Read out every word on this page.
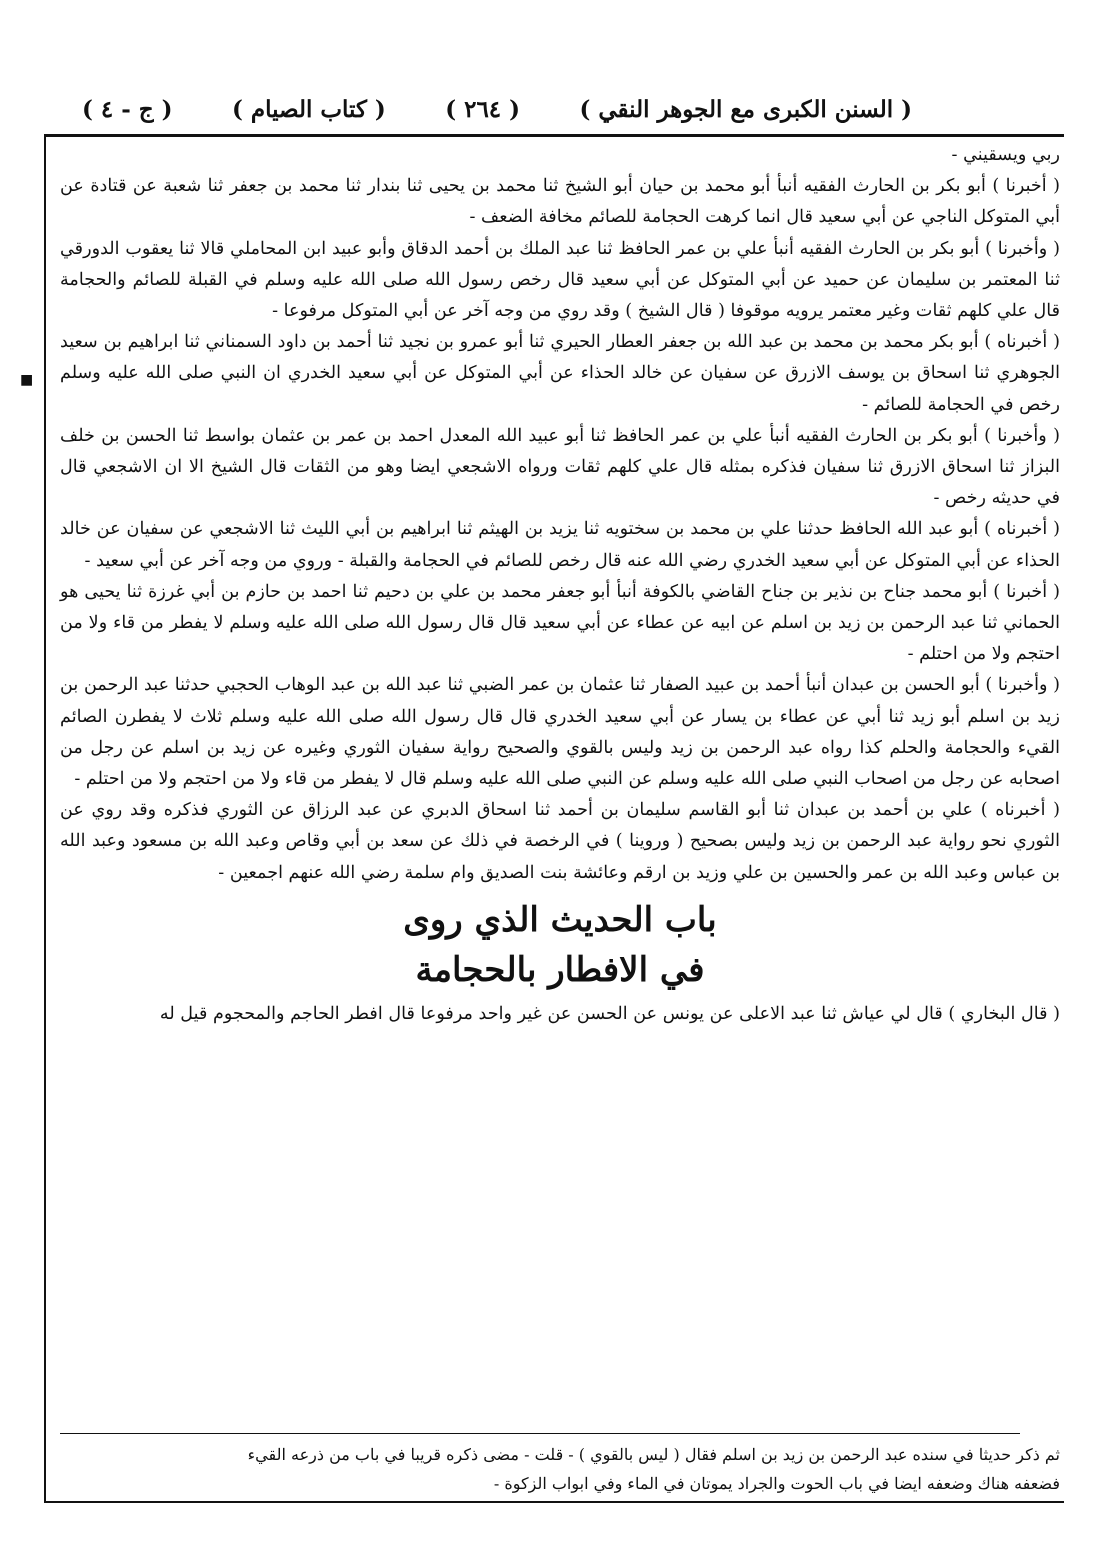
( السنن الكبرى مع الجوهر النقي )
( ٢٦٤ )
( كتاب الصيام )
( ج - ٤ )
■

ربي ويسقيني -

( أخبرنا ) أبو بكر بن الحارث الفقيه أنبأ أبو محمد بن حيان أبو الشيخ ثنا محمد بن يحيى ثنا بندار ثنا محمد بن جعفر ثنا شعبة عن قتادة عن أبي المتوكل الناجي عن أبي سعيد قال انما كرهت الحجامة للصائم مخافة الضعف -

( وأخبرنا ) أبو بكر بن الحارث الفقيه أنبأ علي بن عمر الحافظ ثنا عبد الملك بن أحمد الدقاق وأبو عبيد ابن المحاملي قالا ثنا يعقوب الدورقي ثنا المعتمر بن سليمان عن حميد عن أبي المتوكل عن أبي سعيد قال رخص رسول الله صلى الله عليه وسلم في القبلة للصائم والحجامة قال علي كلهم ثقات وغير معتمر يرويه موقوفا ( قال الشيخ ) وقد روي من وجه آخر عن أبي المتوكل مرفوعا -

( أخبرناه ) أبو بكر محمد بن محمد بن عبد الله بن جعفر العطار الحيري ثنا أبو عمرو بن نجيد ثنا أحمد بن داود السمناني ثنا ابراهيم بن سعيد الجوهري ثنا اسحاق بن يوسف الازرق عن سفيان عن خالد الحذاء عن أبي المتوكل عن أبي سعيد الخدري ان النبي صلى الله عليه وسلم رخص في الحجامة للصائم -

( وأخبرنا ) أبو بكر بن الحارث الفقيه أنبأ علي بن عمر الحافظ ثنا أبو عبيد الله المعدل احمد بن عمر بن عثمان بواسط ثنا الحسن بن خلف البزاز ثنا اسحاق الازرق ثنا سفيان فذكره بمثله قال علي كلهم ثقات ورواه الاشجعي ايضا وهو من الثقات قال الشيخ الا ان الاشجعي قال في حديثه رخص -

( أخبرناه ) أبو عبد الله الحافظ حدثنا علي بن محمد بن سختويه ثنا يزيد بن الهيثم ثنا ابراهيم بن أبي الليث ثنا الاشجعي عن سفيان عن خالد الحذاء عن أبي المتوكل عن أبي سعيد الخدري رضي الله عنه قال رخص للصائم في الحجامة والقبلة - وروي من وجه آخر عن أبي سعيد -

( أخبرنا ) أبو محمد جناح بن نذير بن جناح القاضي بالكوفة أنبأ أبو جعفر محمد بن علي بن دحيم ثنا احمد بن حازم بن أبي غرزة ثنا يحيى هو الحماني ثنا عبد الرحمن بن زيد بن اسلم عن ابيه عن عطاء عن أبي سعيد قال قال رسول الله صلى الله عليه وسلم لا يفطر من قاء ولا من احتجم ولا من احتلم -

( وأخبرنا ) أبو الحسن بن عبدان أنبأ أحمد بن عبيد الصفار ثنا عثمان بن عمر الضبي ثنا عبد الله بن عبد الوهاب الحجبي حدثنا عبد الرحمن بن زيد بن اسلم أبو زيد ثنا أبي عن عطاء بن يسار عن أبي سعيد الخدري قال قال رسول الله صلى الله عليه وسلم ثلاث لا يفطرن الصائم القيء والحجامة والحلم كذا رواه عبد الرحمن بن زيد وليس بالقوي والصحيح رواية سفيان الثوري وغيره عن زيد بن اسلم عن رجل من اصحابه عن رجل من اصحاب النبي صلى الله عليه وسلم عن النبي صلى الله عليه وسلم قال لا يفطر من قاء ولا من احتجم ولا من احتلم -

( أخبرناه ) علي بن أحمد بن عبدان ثنا أبو القاسم سليمان بن أحمد ثنا اسحاق الدبري عن عبد الرزاق عن الثوري فذكره وقد روي عن الثوري نحو رواية عبد الرحمن بن زيد وليس بصحيح ( وروينا ) في الرخصة في ذلك عن سعد بن أبي وقاص وعبد الله بن مسعود وعبد الله بن عباس وعبد الله بن عمر والحسين بن علي وزيد بن ارقم وعائشة بنت الصديق وام سلمة رضي الله عنهم اجمعين -

باب الحديث الذي روى
في الافطار بالحجامة

( قال البخاري ) قال لي عياش ثنا عبد الاعلى عن يونس عن الحسن عن غير واحد مرفوعا قال افطر الحاجم والمحجوم قيل له

ثم ذكر حديثا في سنده عبد الرحمن بن زيد بن اسلم فقال ( ليس بالقوي ) - قلت - مضى ذكره قريبا في باب من ذرعه القيء

فضعفه هناك وضعفه ايضا في باب الحوت والجراد يموتان في الماء وفي ابواب الزكوة -
